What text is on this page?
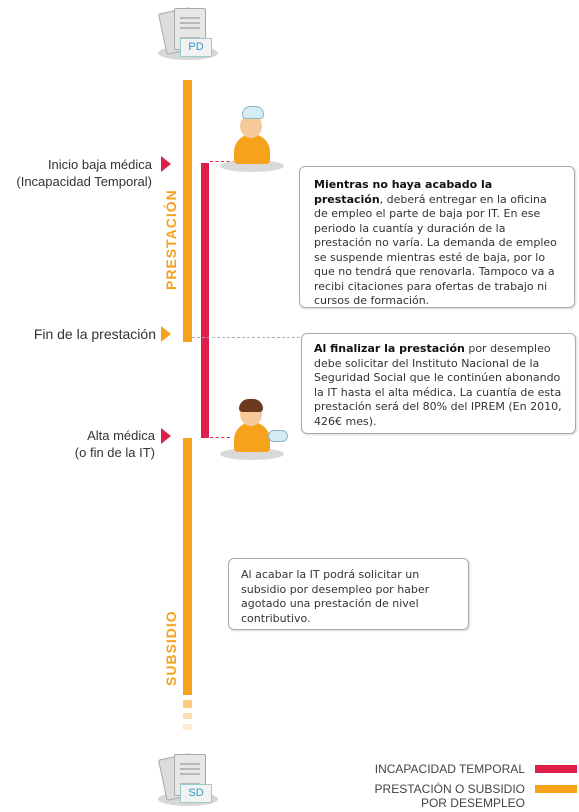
PD
PRESTACIÓN
SUBSIDIO
Inicio baja médica
(Incapacidad Temporal)
Fin de la prestación
Alta médica
(o fin de la IT)
Mientras no haya acabado la prestación, deberá entregar en la oficina de empleo el parte de baja por IT. En ese periodo la cuantía y duración de la prestación no varía. La demanda de empleo se suspende mientras esté de baja, por lo que no tendrá que renovarla. Tampoco va a recibi citaciones para ofertas de trabajo ni cursos de formación.
Al finalizar la prestación por desempleo debe solicitar del Instituto Nacional de la Seguridad Social que le continúen abonando la IT hasta el alta médica. La cuantía de esta prestación será del 80% del IPREM (En 2010, 426€ mes).
Al acabar la IT podrá solicitar un subsidio por desempleo por haber agotado una prestación de nivel contributivo.
SD
INCAPACIDAD TEMPORAL
PRESTACIÓN O SUBSIDIO
POR DESEMPLEO
